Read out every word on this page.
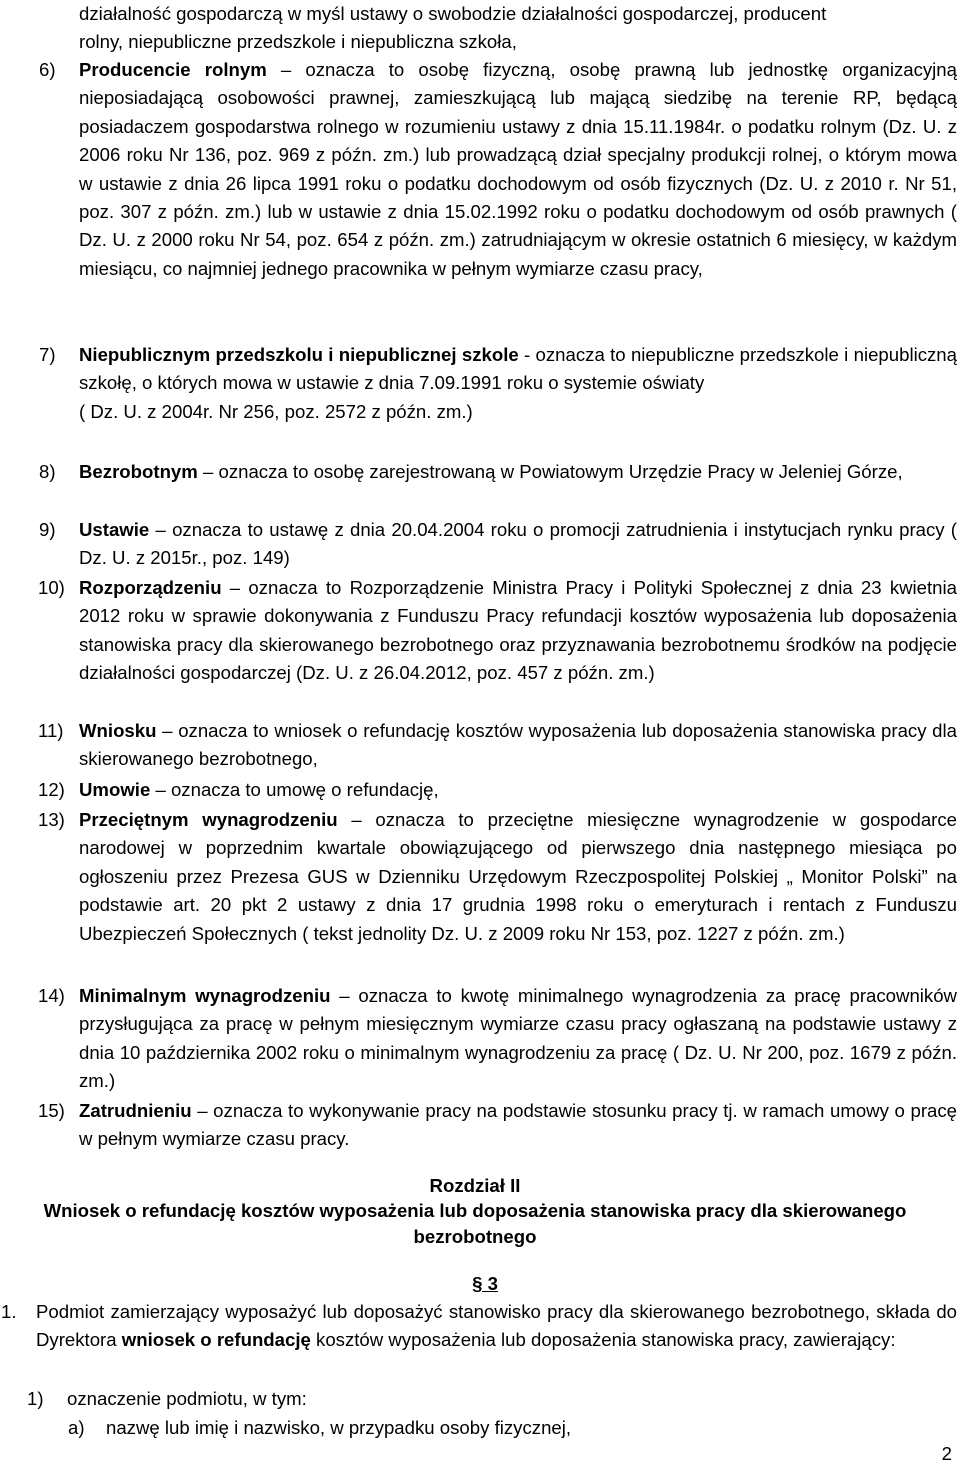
działalność gospodarczą w myśl ustawy o swobodzie działalności gospodarczej, producent
rolny, niepubliczne przedszkole i niepubliczna szkoła,
6) Producencie rolnym – oznacza to osobę fizyczną, osobę prawną lub jednostkę organizacyjną nieposiadającą osobowości prawnej, zamieszkującą lub mającą siedzibę na terenie RP, będącą posiadaczem gospodarstwa rolnego w rozumieniu ustawy z dnia 15.11.1984r. o podatku rolnym (Dz. U. z 2006 roku Nr 136, poz. 969 z późn. zm.) lub prowadzącą dział specjalny produkcji rolnej, o którym mowa w ustawie z dnia 26 lipca 1991 roku o podatku dochodowym od osób fizycznych (Dz. U. z 2010 r. Nr 51, poz. 307 z późn. zm.) lub w ustawie z dnia 15.02.1992 roku o podatku dochodowym od osób prawnych ( Dz. U. z 2000 roku Nr 54, poz. 654 z późn. zm.) zatrudniającym w okresie ostatnich 6 miesięcy, w każdym miesiącu, co najmniej jednego pracownika w pełnym wymiarze czasu pracy,
7) Niepublicznym przedszkolu i niepublicznej szkole - oznacza to niepubliczne przedszkole i niepubliczną szkołę, o których mowa w ustawie z dnia 7.09.1991 roku o systemie oświaty
( Dz. U. z 2004r. Nr 256, poz. 2572 z późn. zm.)
8) Bezrobotnym – oznacza to osobę zarejestrowaną w Powiatowym Urzędzie Pracy w Jeleniej Górze,
9) Ustawie – oznacza to ustawę z dnia 20.04.2004 roku o promocji zatrudnienia i instytucjach rynku pracy ( Dz. U. z 2015r., poz. 149)
10) Rozporządzeniu – oznacza to Rozporządzenie Ministra Pracy i Polityki Społecznej z dnia 23 kwietnia 2012 roku w sprawie dokonywania z Funduszu Pracy refundacji kosztów wyposażenia lub doposażenia stanowiska pracy dla skierowanego bezrobotnego oraz przyznawania bezrobotnemu środków na podjęcie działalności gospodarczej (Dz. U. z 26.04.2012, poz. 457 z późn. zm.)
11) Wniosku – oznacza to wniosek o refundację kosztów wyposażenia lub doposażenia stanowiska pracy dla skierowanego bezrobotnego,
12) Umowie – oznacza to umowę o refundację,
13) Przeciętnym wynagrodzeniu – oznacza to przeciętne miesięczne wynagrodzenie w gospodarce narodowej w poprzednim kwartale obowiązującego od pierwszego dnia następnego miesiąca po ogłoszeniu przez Prezesa GUS w Dzienniku Urzędowym Rzeczpospolitej Polskiej „ Monitor Polski” na podstawie art. 20 pkt 2 ustawy z dnia 17 grudnia 1998 roku o emeryturach i rentach z Funduszu Ubezpieczeń Społecznych ( tekst jednolity Dz. U. z 2009 roku Nr 153, poz. 1227 z późn. zm.)
14) Minimalnym wynagrodzeniu – oznacza to kwotę minimalnego wynagrodzenia za pracę pracowników przysługująca za pracę w pełnym miesięcznym wymiarze czasu pracy ogłaszaną na podstawie ustawy z dnia 10 października 2002 roku o minimalnym wynagrodzeniu za pracę ( Dz. U. Nr 200, poz. 1679 z późn. zm.)
15) Zatrudnieniu – oznacza to wykonywanie pracy na podstawie stosunku pracy tj. w ramach umowy o pracę w pełnym wymiarze czasu pracy.
Rozdział II
Wniosek o refundację kosztów wyposażenia lub doposażenia stanowiska pracy dla skierowanego bezrobotnego
§ 3
1. Podmiot zamierzający wyposażyć lub doposażyć stanowisko pracy dla skierowanego bezrobotnego, składa do Dyrektora wniosek o refundację kosztów wyposażenia lub doposażenia stanowiska pracy, zawierający:
1) oznaczenie podmiotu, w tym:
a) nazwę lub imię i nazwisko, w przypadku osoby fizycznej,
2
